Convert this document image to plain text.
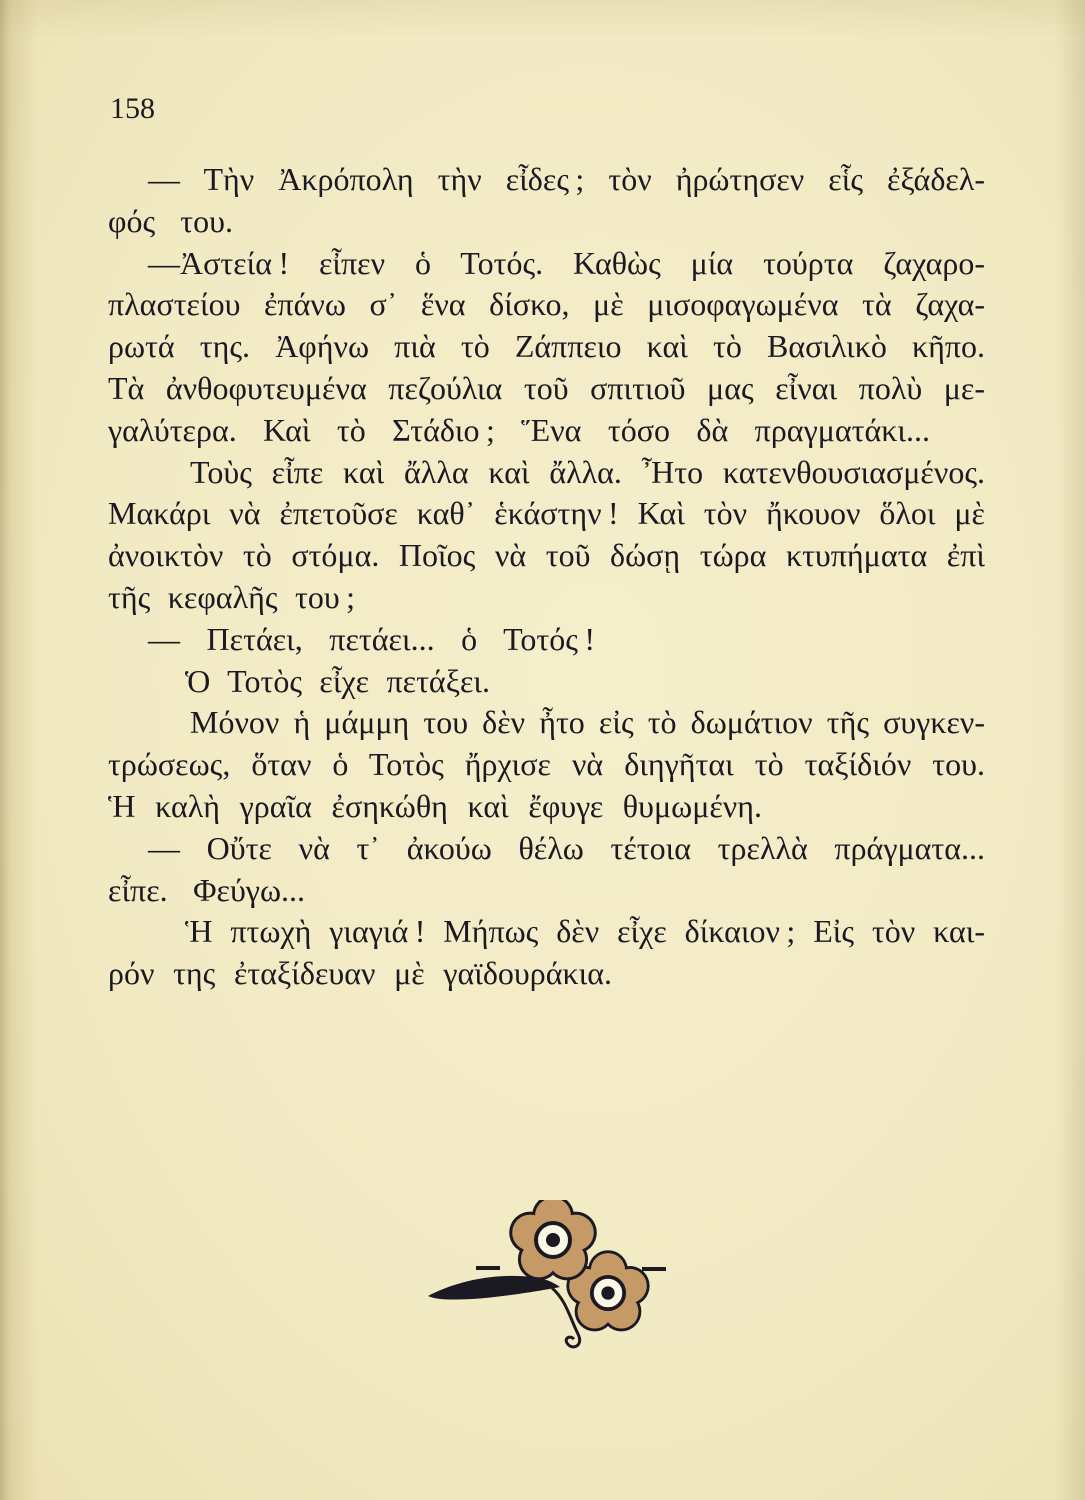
158
— Τὴν Ἀκρόπολη τὴν εἶδες ; τὸν ἠρώτησεν εἷς ἐξάδελ-
φός του.
—Ἀστεία ! εἶπεν ὁ Τοτός. Καθὼς μία τούρτα ζαχαρο-
πλαστείου ἐπάνω σ᾿ ἕνα δίσκο, μὲ μισοφαγωμένα τὰ ζαχα-
ρωτά της. Ἀφήνω πιὰ τὸ Ζάππειο καὶ τὸ Βασιλικὸ κῆπο.
Τὰ ἀνθοφυτευμένα πεζούλια τοῦ σπιτιοῦ μας εἶναι πολὺ με-
γαλύτερα. Καὶ τὸ Στάδιο ; Ἕνα τόσο δὰ πραγματάκι...
Τοὺς εἶπε καὶ ἄλλα καὶ ἄλλα. Ἦτο κατενθουσιασμένος.
Μακάρι νὰ ἐπετοῦσε καθ᾿ ἑκάστην ! Καὶ τὸν ἤκουον ὅλοι μὲ
ἀνοικτὸν τὸ στόμα. Ποῖος νὰ τοῦ δώσῃ τώρα κτυπήματα ἐπὶ
τῆς κεφαλῆς του ;
— Πετάει, πετάει... ὁ Τοτός !
Ὁ Τοτὸς εἶχε πετάξει.
Μόνον ἡ μάμμη του δὲν ἦτο εἰς τὸ δωμάτιον τῆς συγκεν-
τρώσεως, ὅταν ὁ Τοτὸς ἤρχισε νὰ διηγῆται τὸ ταξίδιόν του.
Ἡ καλὴ γραῖα ἐσηκώθη καὶ ἔφυγε θυμωμένη.
— Οὔτε νὰ τ᾿ ἀκούω θέλω τέτοια τρελλὰ πράγματα...
εἶπε. Φεύγω...
Ἡ πτωχὴ γιαγιά ! Μήπως δὲν εἶχε δίκαιον ; Εἰς τὸν και-
ρόν της ἐταξίδευαν μὲ γαϊδουράκια.
